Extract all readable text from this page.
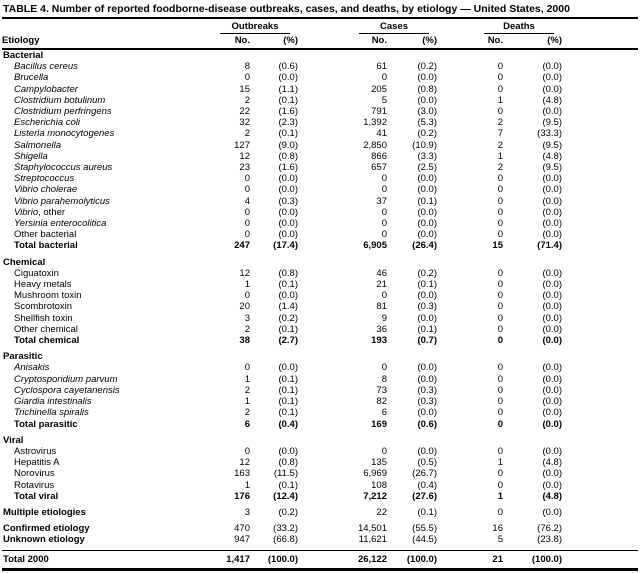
TABLE 4. Number of reported foodborne-disease outbreaks, cases, and deaths, by etiology — United States, 2000

	Outbreaks		Cases		Deaths		

Etiology	No.	(%)	No.	(%)	No.	(%)	
Bacterial							
Bacillus cereus	8	(0.6)	61	(0.2)	0	(0.0)	
Brucella	0	(0.0)	0	(0.0)	0	(0.0)	
Campylobacter	15	(1.1)	205	(0.8)	0	(0.0)	
Clostridium botulinum	2	(0.1)	5	(0.0)	1	(4.8)	
Clostridium perfringens	22	(1.6)	791	(3.0)	0	(0.0)	
Escherichia coli	32	(2.3)	1,392	(5.3)	2	(9.5)	
Listeria monocytogenes	2	(0.1)	41	(0.2)	7	(33.3)	
Salmonella	127	(9.0)	2,850	(10.9)	2	(9.5)	
Shigella	12	(0.8)	866	(3.3)	1	(4.8)	
Staphylococcus aureus	23	(1.6)	657	(2.5)	2	(9.5)	
Streptococcus	0	(0.0)	0	(0.0)	0	(0.0)	
Vibrio cholerae	0	(0.0)	0	(0.0)	0	(0.0)	
Vibrio parahemolyticus	4	(0.3)	37	(0.1)	0	(0.0)	
Vibrio, other	0	(0.0)	0	(0.0)	0	(0.0)	
Yersinia enterocolitica	0	(0.0)	0	(0.0)	0	(0.0)	
Other bacterial	0	(0.0)	0	(0.0)	0	(0.0)	
Total bacterial	247	(17.4)	6,905	(26.4)	15	(71.4)	
Chemical							
Ciguatoxin	12	(0.8)	46	(0.2)	0	(0.0)	
Heavy metals	1	(0.1)	21	(0.1)	0	(0.0)	
Mushroom toxin	0	(0.0)	0	(0.0)	0	(0.0)	
Scombrotoxin	20	(1.4)	81	(0.3)	0	(0.0)	
Shellfish toxin	3	(0.2)	9	(0.0)	0	(0.0)	
Other chemical	2	(0.1)	36	(0.1)	0	(0.0)	
Total chemical	38	(2.7)	193	(0.7)	0	(0.0)	
Parasitic							
Anisakis	0	(0.0)	0	(0.0)	0	(0.0)	
Cryptosporidium parvum	1	(0.1)	8	(0.0)	0	(0.0)	
Cyclospora cayetanensis	2	(0.1)	73	(0.3)	0	(0.0)	
Giardia intestinalis	1	(0.1)	82	(0.3)	0	(0.0)	
Trichinella spiralis	2	(0.1)	6	(0.0)	0	(0.0)	
Total parasitic	6	(0.4)	169	(0.6)	0	(0.0)	
Viral							
Astrovirus	0	(0.0)	0	(0.0)	0	(0.0)	
Hepatitis A	12	(0.8)	135	(0.5)	1	(4.8)	
Norovirus	163	(11.5)	6,969	(26.7)	0	(0.0)	
Rotavirus	1	(0.1)	108	(0.4)	0	(0.0)	
Total viral	176	(12.4)	7,212	(27.6)	1	(4.8)	
Multiple etiologies	3	(0.2)	22	(0.1)	0	(0.0)	
Confirmed etiology	470	(33.2)	14,501	(55.5)	16	(76.2)	
Unknown etiology	947	(66.8)	11,621	(44.5)	5	(23.8)	
Total 2000	1,417	(100.0)	26,122	(100.0)	21	(100.0)	
